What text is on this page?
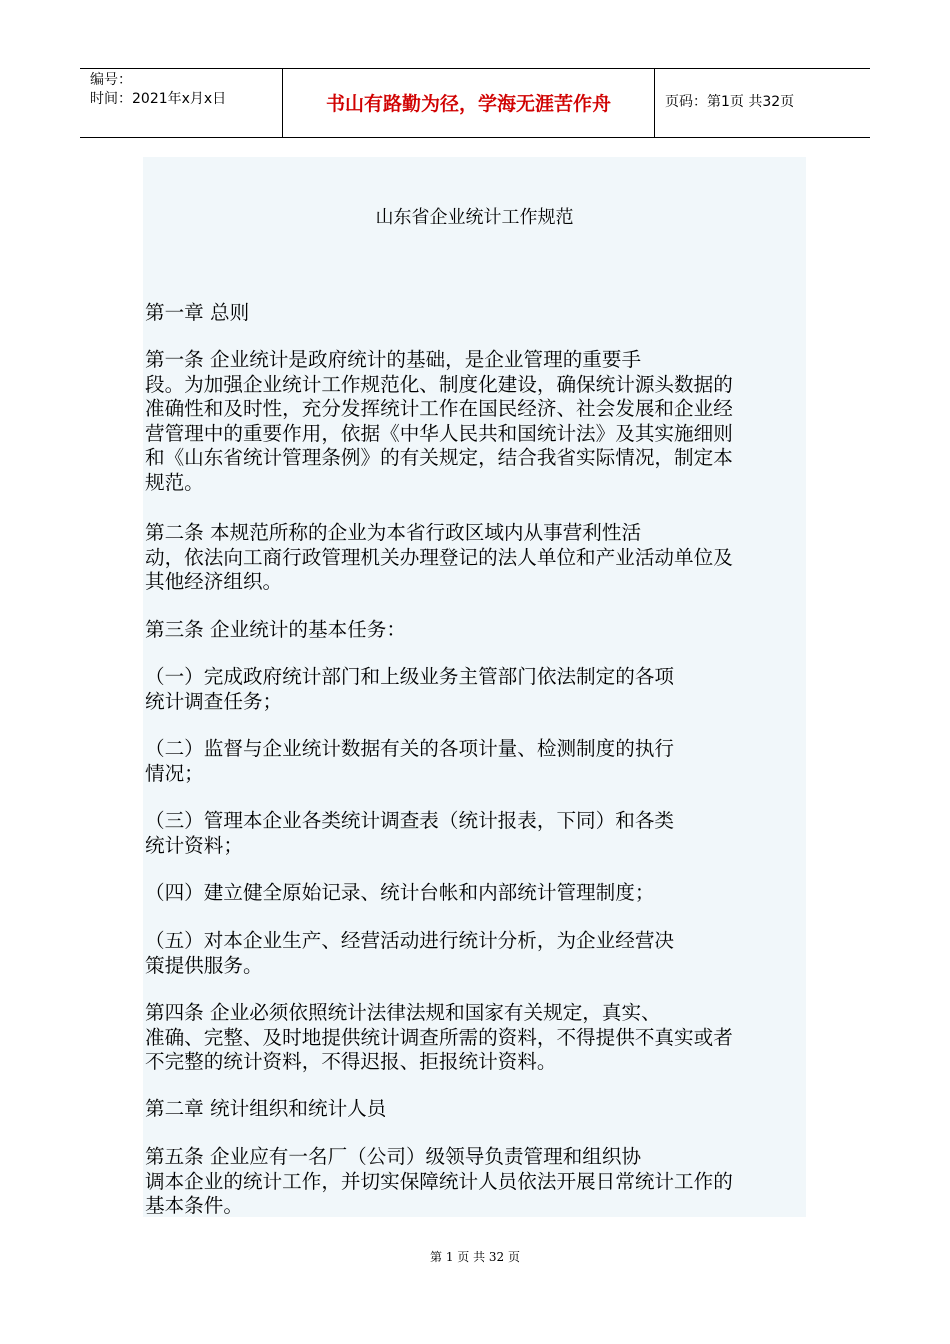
编号：
时间：2021年x月x日	书山有路勤为径，学海无涯苦作舟	页码：第1页 共32页
山东省企业统计工作规范
第一章 总则
第一条 企业统计是政府统计的基础，是企业管理的重要手
段。为加强企业统计工作规范化、制度化建设，确保统计源头数据的
准确性和及时性，充分发挥统计工作在国民经济、社会发展和企业经
营管理中的重要作用，依据《中华人民共和国统计法》及其实施细则
和《山东省统计管理条例》的有关规定，结合我省实际情况，制定本
规范。
第二条 本规范所称的企业为本省行政区域内从事营利性活
动，依法向工商行政管理机关办理登记的法人单位和产业活动单位及
其他经济组织。
第三条 企业统计的基本任务：
（一）完成政府统计部门和上级业务主管部门依法制定的各项
统计调查任务；
（二）监督与企业统计数据有关的各项计量、检测制度的执行
情况；
（三）管理本企业各类统计调查表（统计报表，下同）和各类
统计资料；
（四）建立健全原始记录、统计台帐和内部统计管理制度；
（五）对本企业生产、经营活动进行统计分析，为企业经营决
策提供服务。
第四条 企业必须依照统计法律法规和国家有关规定，真实、
准确、完整、及时地提供统计调查所需的资料，不得提供不真实或者
不完整的统计资料，不得迟报、拒报统计资料。
第二章 统计组织和统计人员
第五条 企业应有一名厂（公司）级领导负责管理和组织协
调本企业的统计工作，并切实保障统计人员依法开展日常统计工作的
基本条件。
第 1 页 共 32 页
